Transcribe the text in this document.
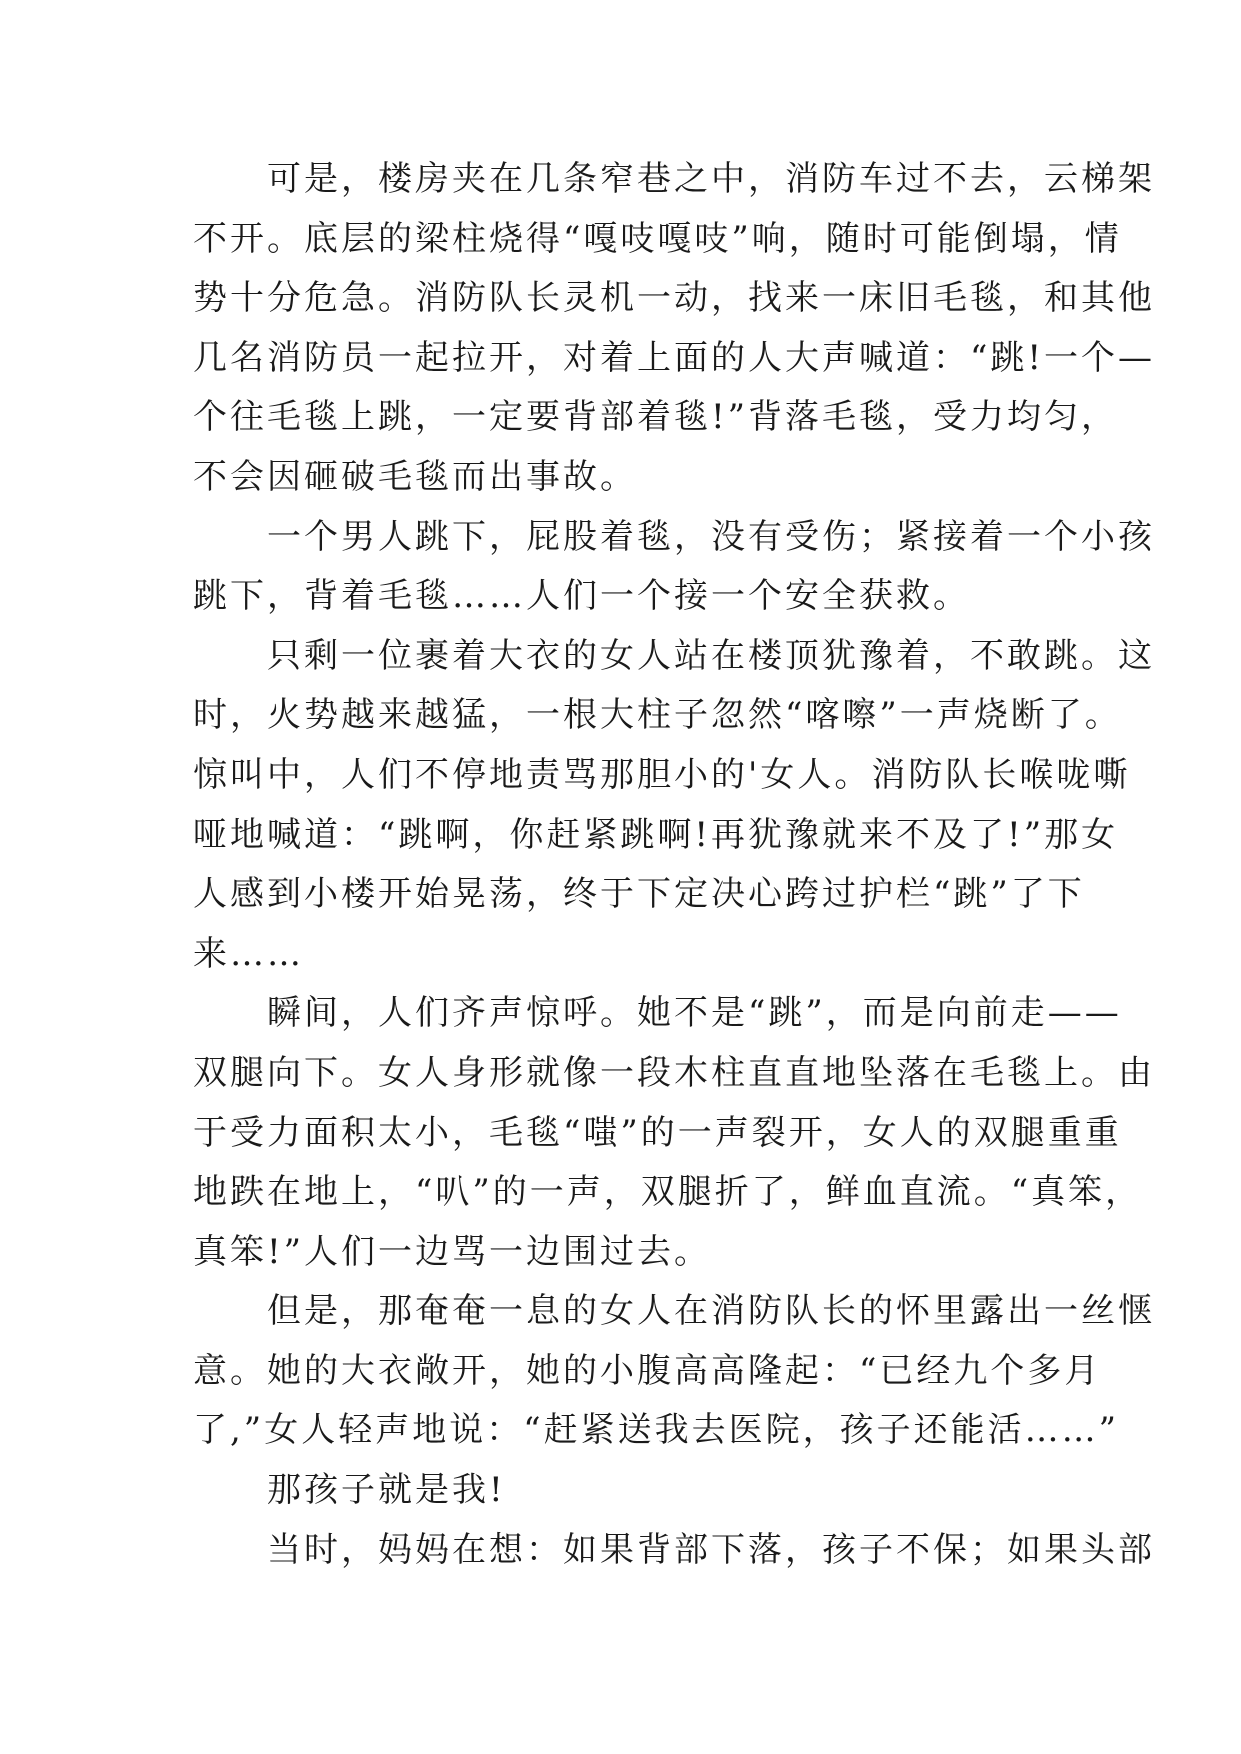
　　可是，楼房夹在几条窄巷之中，消防车过不去，云梯架
不开。底层的梁柱烧得“嘎吱嘎吱”响，随时可能倒塌，情
势十分危急。消防队长灵机一动，找来一床旧毛毯，和其他
几名消防员一起拉开，对着上面的人大声喊道：“跳!一个—
个往毛毯上跳，一定要背部着毯!”背落毛毯，受力均匀，
不会因砸破毛毯而出事故。
　　一个男人跳下，屁股着毯，没有受伤；紧接着一个小孩
跳下，背着毛毯……人们一个接一个安全获救。
　　只剩一位裹着大衣的女人站在楼顶犹豫着，不敢跳。这
时，火势越来越猛，一根大柱子忽然“喀嚓”一声烧断了。
惊叫中，人们不停地责骂那胆小的'女人。消防队长喉咙嘶
哑地喊道：“跳啊，你赶紧跳啊!再犹豫就来不及了!”那女
人感到小楼开始晃荡，终于下定决心跨过护栏“跳”了下
来……
　　瞬间，人们齐声惊呼。她不是“跳”，而是向前走——
双腿向下。女人身形就像一段木柱直直地坠落在毛毯上。由
于受力面积太小，毛毯“嗤”的一声裂开，女人的双腿重重
地跌在地上，“叭”的一声，双腿折了，鲜血直流。“真笨，
真笨!”人们一边骂一边围过去。
　　但是，那奄奄一息的女人在消防队长的怀里露出一丝惬
意。她的大衣敞开，她的小腹高高隆起：“已经九个多月
了,”女人轻声地说：“赶紧送我去医院，孩子还能活……”
　　那孩子就是我!
　　当时，妈妈在想：如果背部下落，孩子不保；如果头部
